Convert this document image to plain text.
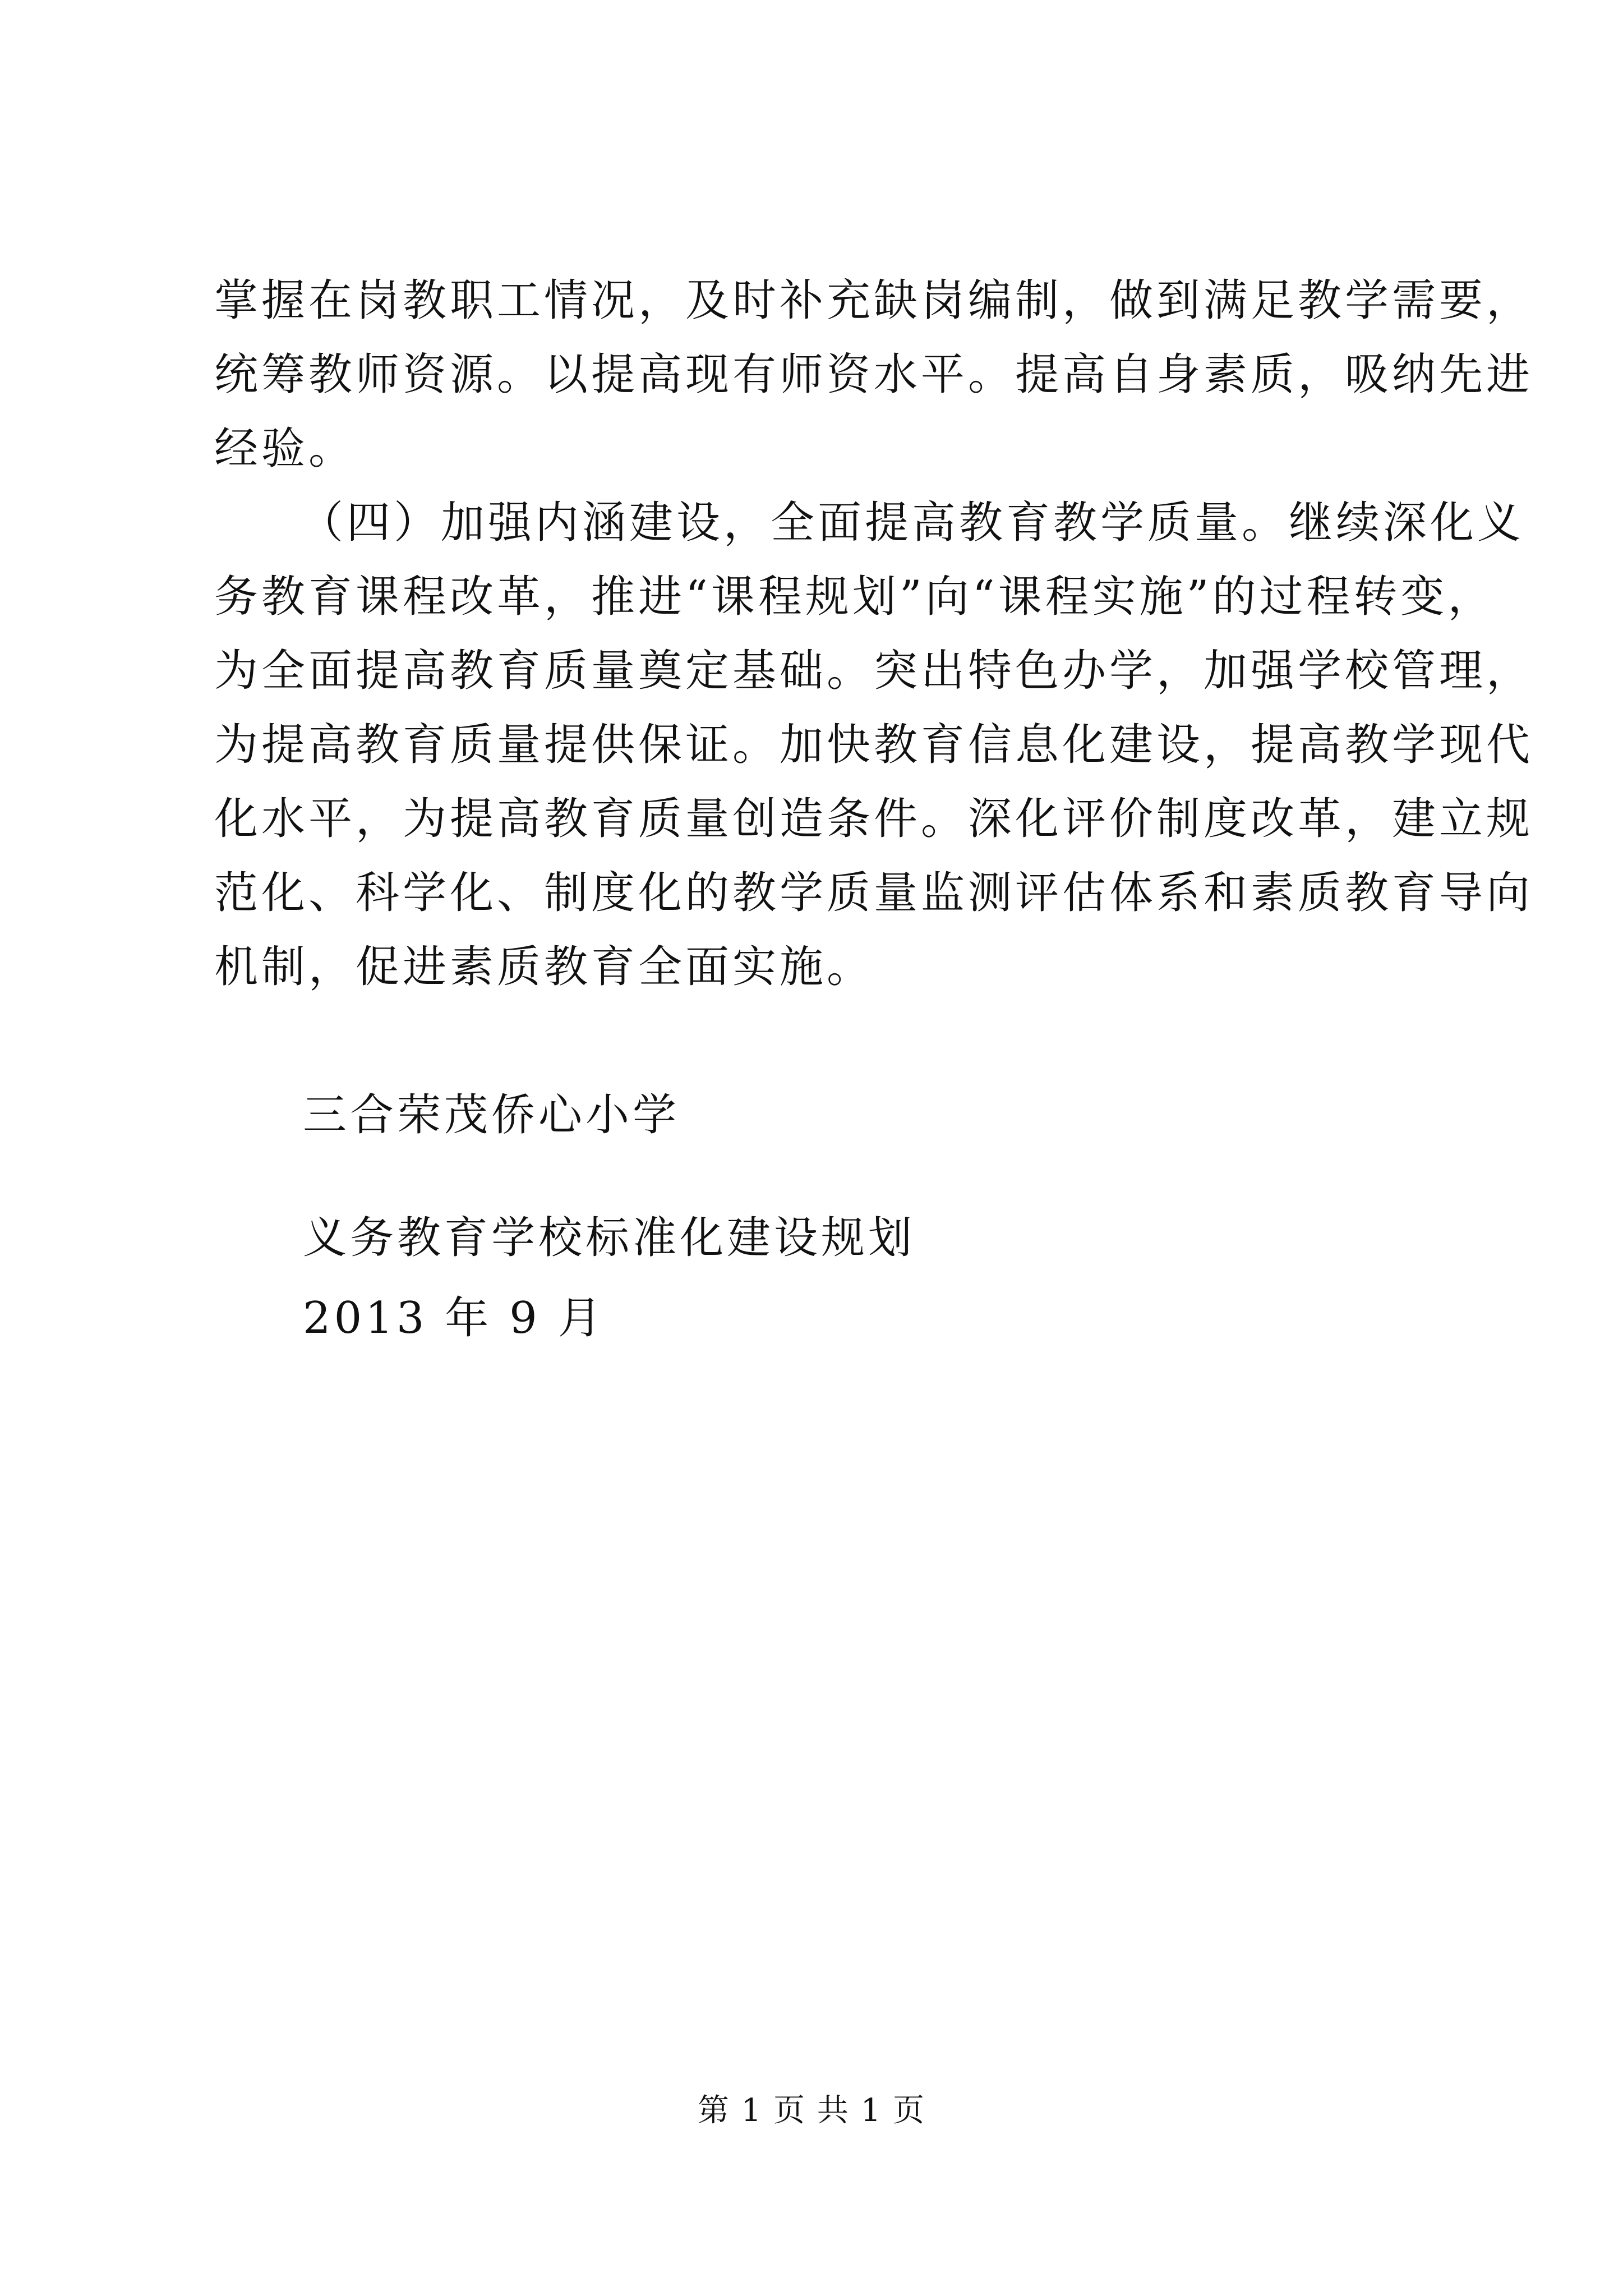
掌握在岗教职工情况，及时补充缺岗编制，做到满足教学需要，
统筹教师资源。以提高现有师资水平。提高自身素质，吸纳先进
经验。
（四）加强内涵建设，全面提高教育教学质量。继续深化义
务教育课程改革，推进“课程规划”向“课程实施”的过程转变，
为全面提高教育质量奠定基础。突出特色办学，加强学校管理，
为提高教育质量提供保证。加快教育信息化建设，提高教学现代
化水平，为提高教育质量创造条件。深化评价制度改革，建立规
范化、科学化、制度化的教学质量监测评估体系和素质教育导向
机制，促进素质教育全面实施。

三合荣茂侨心小学

义务教育学校标准化建设规划

2013 年 9 月

第 1 页 共 1 页
